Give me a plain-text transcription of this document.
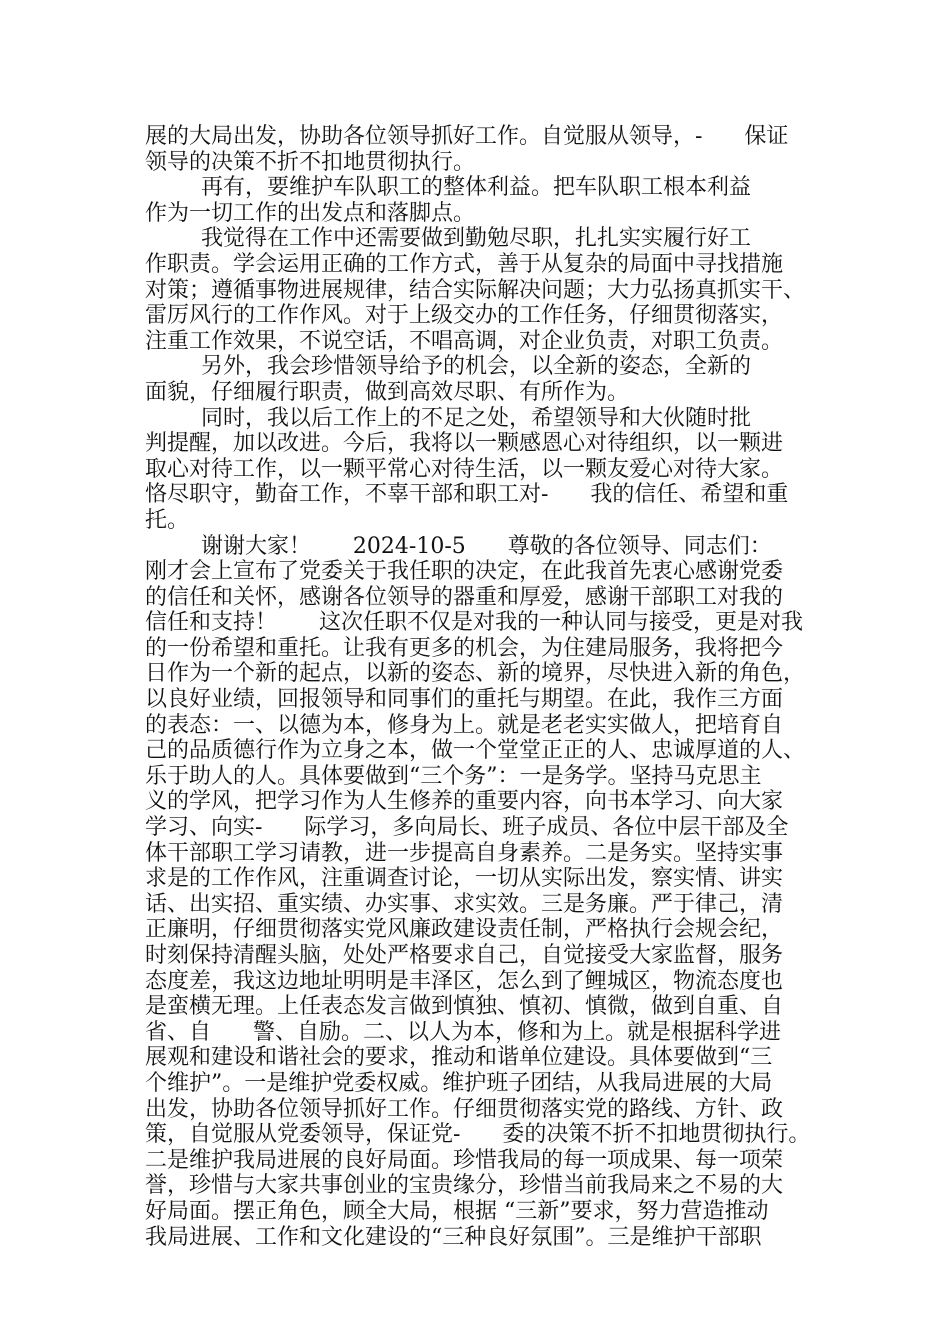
展的大局出发，协助各位领导抓好工作。自觉服从领导，-      保证
领导的决策不折不扣地贯彻执行。
再有，要维护车队职工的整体利益。把车队职工根本利益
作为一切工作的出发点和落脚点。
我觉得在工作中还需要做到勤勉尽职，扎扎实实履行好工
作职责。学会运用正确的工作方式，善于从复杂的局面中寻找措施
对策；遵循事物进展规律，结合实际解决问题；大力弘扬真抓实干、
雷厉风行的工作作风。对于上级交办的工作任务，仔细贯彻落实，
注重工作效果，不说空话，不唱高调，对企业负责，对职工负责。
另外，我会珍惜领导给予的机会，以全新的姿态，全新的
面貌，仔细履行职责，做到高效尽职、有所作为。
同时，我以后工作上的不足之处，希望领导和大伙随时批
判提醒，加以改进。今后，我将以一颗感恩心对待组织，以一颗进
取心对待工作，以一颗平常心对待生活，以一颗友爱心对待大家。
恪尽职守，勤奋工作，不辜干部和职工对-      我的信任、希望和重
托。
谢谢大家！      2024-10-5      尊敬的各位领导、同志们：
刚才会上宣布了党委关于我任职的决定，在此我首先衷心感谢党委
的信任和关怀，感谢各位领导的器重和厚爱，感谢干部职工对我的
信任和支持！      这次任职不仅是对我的一种认同与接受，更是对我
的一份希望和重托。让我有更多的机会，为住建局服务，我将把今
日作为一个新的起点，以新的姿态、新的境界，尽快进入新的角色，
以良好业绩，回报领导和同事们的重托与期望。在此，我作三方面
的表态：一、以德为本，修身为上。就是老老实实做人，把培育自
己的品质德行作为立身之本，做一个堂堂正正的人、忠诚厚道的人、
乐于助人的人。具体要做到“三个务”：一是务学。坚持马克思主
义的学风，把学习作为人生修养的重要内容，向书本学习、向大家
学习、向实-      际学习，多向局长、班子成员、各位中层干部及全
体干部职工学习请教，进一步提高自身素养。二是务实。坚持实事
求是的工作作风，注重调查讨论，一切从实际出发，察实情、讲实
话、出实招、重实绩、办实事、求实效。三是务廉。严于律己，清
正廉明，仔细贯彻落实党风廉政建设责任制，严格执行会规会纪，
时刻保持清醒头脑，处处严格要求自己，自觉接受大家监督，服务
态度差，我这边地址明明是丰泽区，怎么到了鲤城区，物流态度也
是蛮横无理。上任表态发言做到慎独、慎初、慎微，做到自重、自
省、自      警、自励。二、以人为本，修和为上。就是根据科学进
展观和建设和谐社会的要求，推动和谐单位建设。具体要做到“三
个维护”。一是维护党委权威。维护班子团结，从我局进展的大局
出发，协助各位领导抓好工作。仔细贯彻落实党的路线、方针、政
策，自觉服从党委领导，保证党-      委的决策不折不扣地贯彻执行。
二是维护我局进展的良好局面。珍惜我局的每一项成果、每一项荣
誉，珍惜与大家共事创业的宝贵缘分，珍惜当前我局来之不易的大
好局面。摆正角色，顾全大局，根据 “三新”要求，努力营造推动
我局进展、工作和文化建设的“三种良好氛围”。三是维护干部职
